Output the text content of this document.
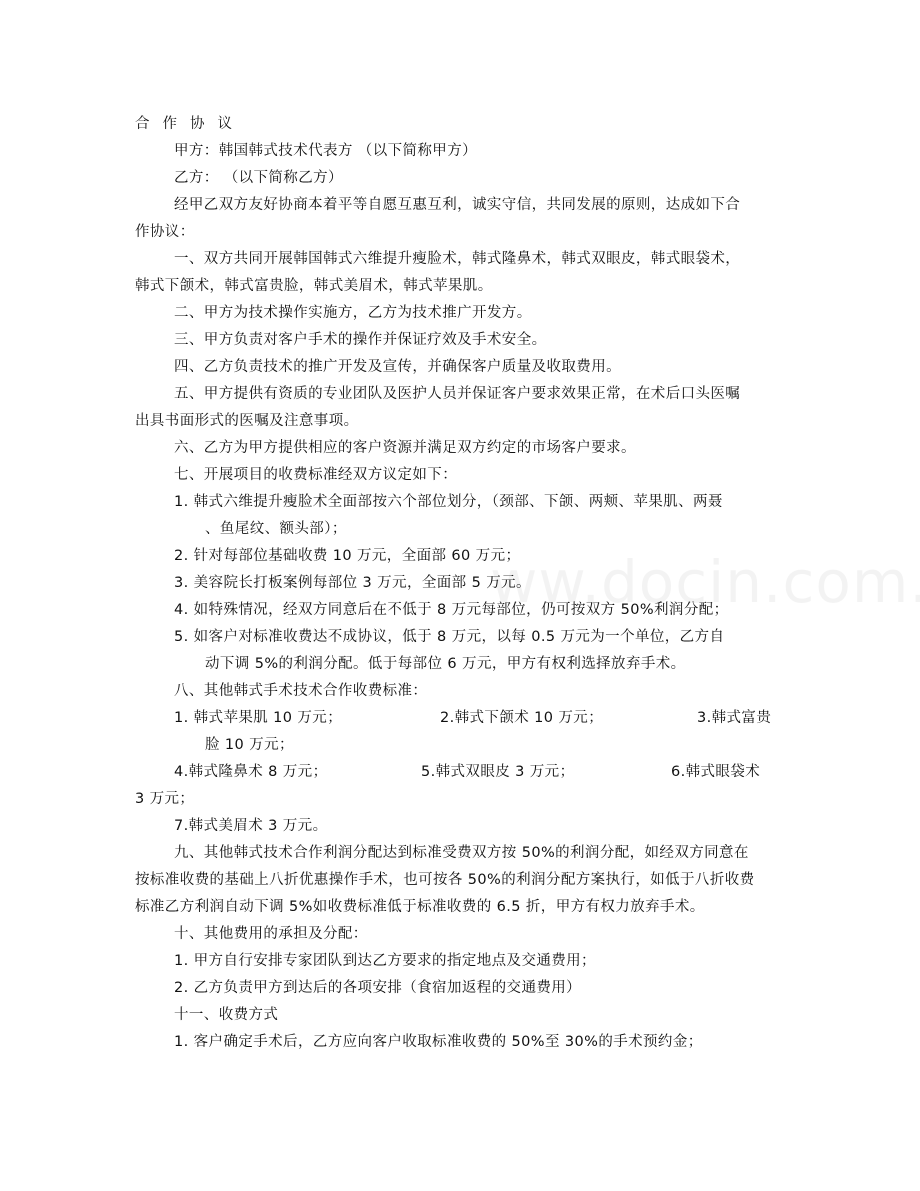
合作协议
甲方：韩国韩式技术代表方 （以下简称甲方）
乙方： （以下简称乙方）
经甲乙双方友好协商本着平等自愿互惠互利，诚实守信，共同发展的原则，达成如下合
作协议：
一、双方共同开展韩国韩式六维提升瘦脸术，韩式隆鼻术，韩式双眼皮，韩式眼袋术，
韩式下颌术，韩式富贵脸，韩式美眉术，韩式苹果肌。
二、甲方为技术操作实施方，乙方为技术推广开发方。
三、甲方负责对客户手术的操作并保证疗效及手术安全。
四、乙方负责技术的推广开发及宣传，并确保客户质量及收取费用。
五、甲方提供有资质的专业团队及医护人员并保证客户要求效果正常，在术后口头医嘱
出具书面形式的医嘱及注意事项。
六、乙方为甲方提供相应的客户资源并满足双方约定的市场客户要求。
七、开展项目的收费标准经双方议定如下：
1. 韩式六维提升瘦脸术全面部按六个部位划分，（颈部、下颌、两颊、苹果肌、两聂
、鱼尾纹、额头部）；
2. 针对每部位基础收费 10 万元，全面部 60 万元；
3. 美容院长打板案例每部位 3 万元，全面部 5 万元。
4. 如特殊情况，经双方同意后在不低于 8 万元每部位，仍可按双方 50%利润分配；
5. 如客户对标准收费达不成协议，低于 8 万元，以每 0.5 万元为一个单位，乙方自
动下调 5%的利润分配。低于每部位 6 万元，甲方有权利选择放弃手术。
八、其他韩式手术技术合作收费标准：
1. 韩式苹果肌 10 万元；	2.韩式下颌术 10 万元；	3.韩式富贵
脸 10 万元；
4.韩式隆鼻术 8 万元；	5.韩式双眼皮 3 万元；	6.韩式眼袋术
3 万元；
7.韩式美眉术 3 万元。
九、其他韩式技术合作利润分配达到标准受费双方按 50%的利润分配，如经双方同意在
按标准收费的基础上八折优惠操作手术，也可按各 50%的利润分配方案执行，如低于八折收费
标准乙方利润自动下调 5%如收费标准低于标准收费的 6.5 折，甲方有权力放弃手术。
十、其他费用的承担及分配：
1. 甲方自行安排专家团队到达乙方要求的指定地点及交通费用；
2. 乙方负责甲方到达后的各项安排（食宿加返程的交通费用）
十一、收费方式
1. 客户确定手术后，乙方应向客户收取标准收费的 50%至 30%的手术预约金；
